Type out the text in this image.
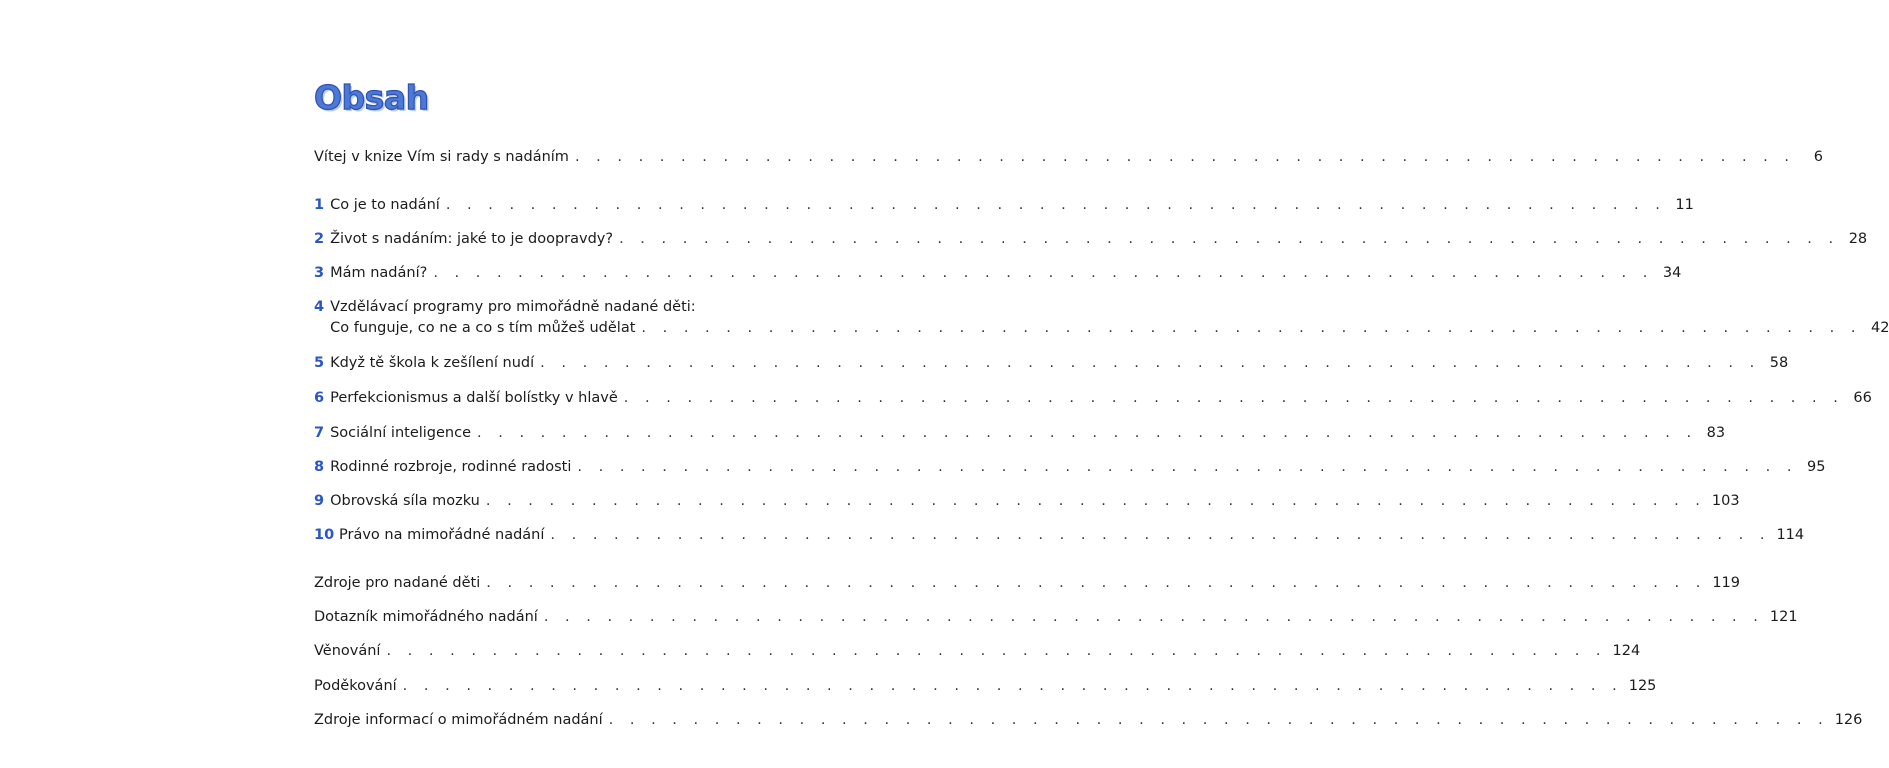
Obsah
Vítej v knize Vím si rady s nadáním . . .	6
1 Co je to nadání . . .	11
2 Život s nadáním: jaké to je doopravdy? . . .	28
3 Mám nadání? . . .	34
4 Vzdělávací programy pro mimořádně nadané děti:
Co funguje, co ne a co s tím můžeš udělat . . .	42
5 Když tě škola k zešílení nudí . . .	58
6 Perfekcionismus a další bolístky v hlavě . . .	66
7 Sociální inteligence . . .	83
8 Rodinné rozbroje, rodinné radosti . . .	95
9 Obrovská síla mozku . . .	103
10 Právo na mimořádné nadání . . .	114
Zdroje pro nadané děti . . .	119
Dotazník mimořádného nadání . . .	121
Věnování . . .	124
Poděkování . . .	125
Zdroje informací o mimořádném nadání . . .	126
